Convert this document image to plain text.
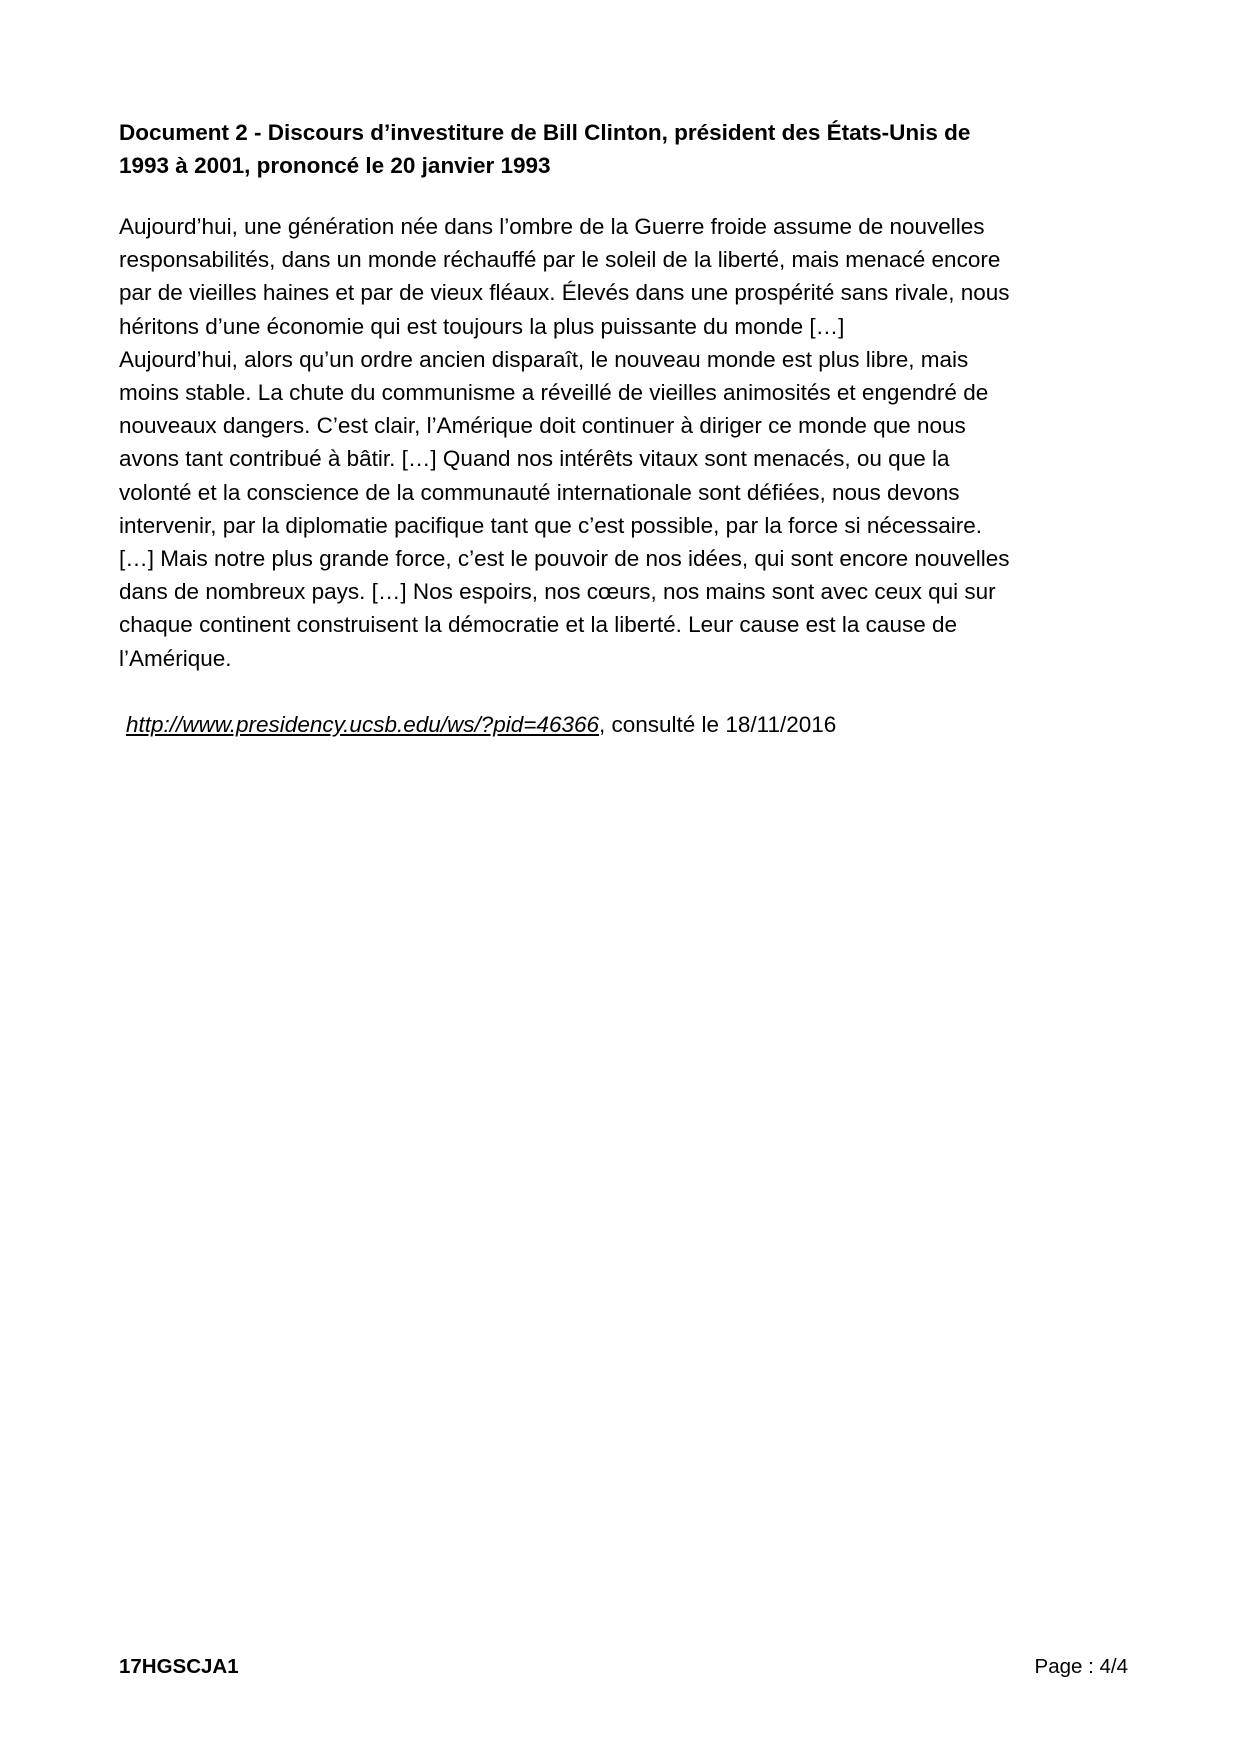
Document 2 - Discours d’investiture de Bill Clinton, président des États-Unis de
1993 à 2001, prononcé le 20 janvier 1993
Aujourd’hui, une génération née dans l’ombre de la Guerre froide assume de nouvelles
responsabilités, dans un monde réchauffé par le soleil de la liberté, mais menacé encore
par de vieilles haines et par de vieux fléaux. Élevés dans une prospérité sans rivale, nous
héritons d’une économie qui est toujours la plus puissante du monde […]
Aujourd’hui, alors qu’un ordre ancien disparaît, le nouveau monde est plus libre, mais
moins stable. La chute du communisme a réveillé de vieilles animosités et engendré de
nouveaux dangers. C’est clair, l’Amérique doit continuer à diriger ce monde que nous
avons tant contribué à bâtir. […] Quand nos intérêts vitaux sont menacés, ou que la
volonté et la conscience de la communauté internationale sont défiées, nous devons
intervenir, par la diplomatie pacifique tant que c’est possible, par la force si nécessaire.
[…] Mais notre plus grande force, c’est le pouvoir de nos idées, qui sont encore nouvelles
dans de nombreux pays. […] Nos espoirs, nos cœurs, nos mains sont avec ceux qui sur
chaque continent construisent la démocratie et la liberté. Leur cause est la cause de
l’Amérique.
http://www.presidency.ucsb.edu/ws/?pid=46366, consulté le 18/11/2016
17HGSCJA1	Page : 4/4
